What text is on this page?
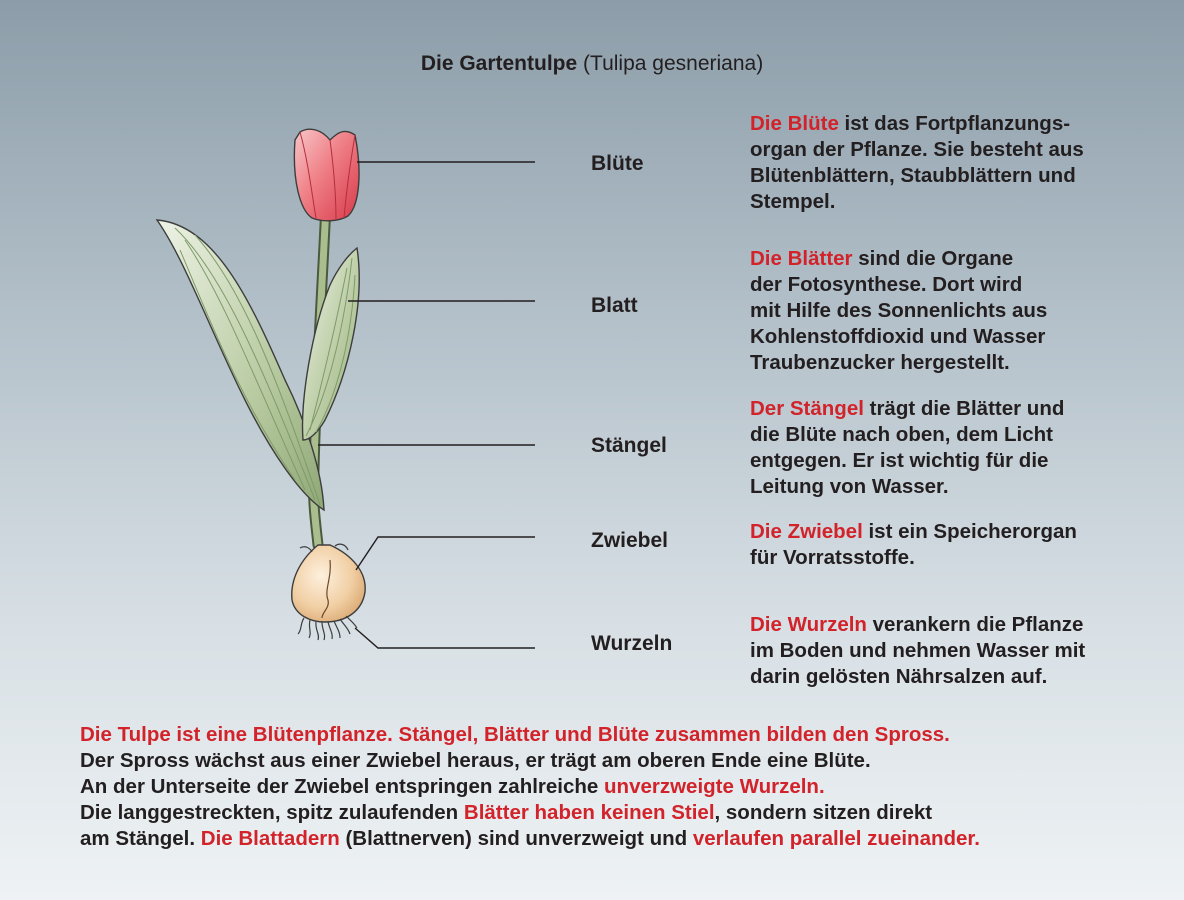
Die Gartentulpe (Tulipa gesneriana)
Blüte
Blatt
Stängel
Zwiebel
Wurzeln
Die Blüte ist das Fortpflanzungs-
organ der Pflanze. Sie besteht aus
Blütenblättern, Staubblättern und
Stempel.
Die Blätter sind die Organe
der Fotosynthese. Dort wird
mit Hilfe des Sonnenlichts aus
Kohlenstoffdioxid und Wasser
Traubenzucker hergestellt.
Der Stängel trägt die Blätter und
die Blüte nach oben, dem Licht
entgegen. Er ist wichtig für die
Leitung von Wasser.
Die Zwiebel ist ein Speicherorgan
für Vorratsstoffe.
Die Wurzeln verankern die Pflanze
im Boden und nehmen Wasser mit
darin gelösten Nährsalzen auf.
Die Tulpe ist eine Blütenpflanze. Stängel, Blätter und Blüte zusammen bilden den Spross.
Der Spross wächst aus einer Zwiebel heraus, er trägt am oberen Ende eine Blüte.
An der Unterseite der Zwiebel entspringen zahlreiche unverzweigte Wurzeln.
Die langgestreckten, spitz zulaufenden Blätter haben keinen Stiel, sondern sitzen direkt
am Stängel. Die Blattadern (Blattnerven) sind unverzweigt und verlaufen parallel zueinander.
